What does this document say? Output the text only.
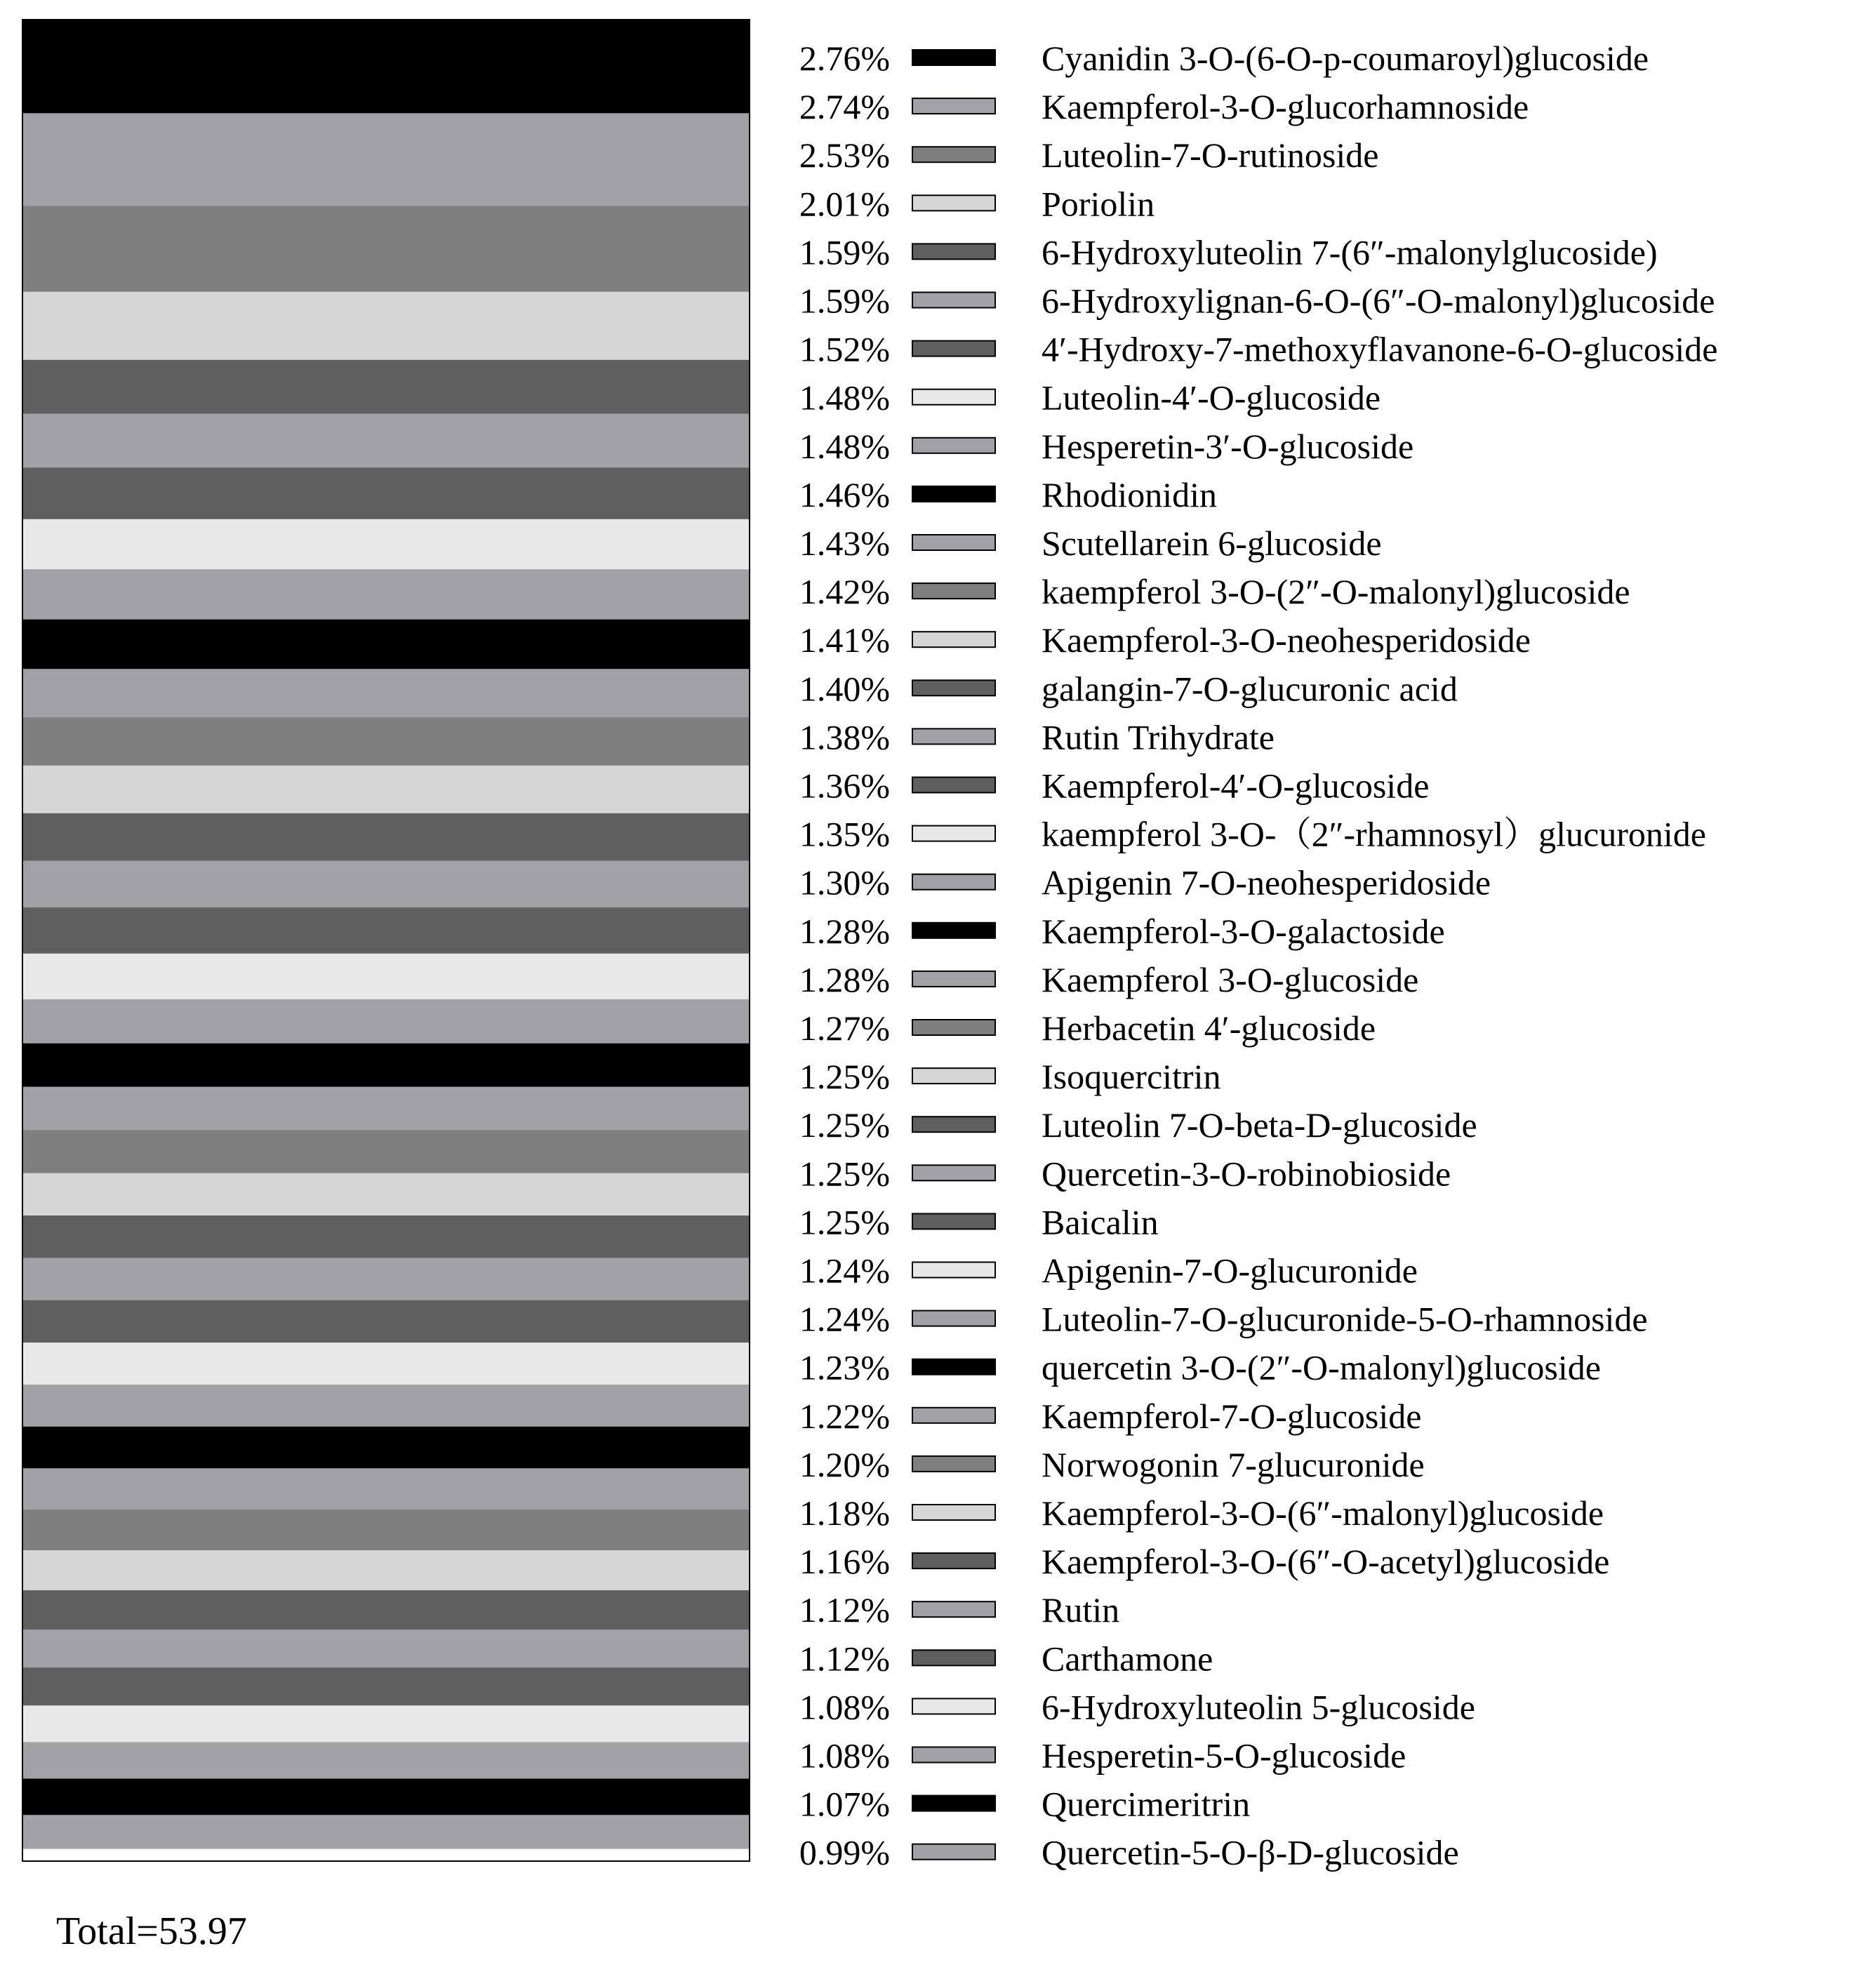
2.76%	Cyanidin 3-O-(6-O-p-coumaroyl)glucoside
2.74%	Kaempferol-3-O-glucorhamnoside
2.53%	Luteolin-7-O-rutinoside
2.01%	Poriolin
1.59%	6-Hydroxyluteolin 7-(6″-malonylglucoside)
1.59%	6-Hydroxylignan-6-O-(6″-O-malonyl)glucoside
1.52%	4′-Hydroxy-7-methoxyflavanone-6-O-glucoside
1.48%	Luteolin-4′-O-glucoside
1.48%	Hesperetin-3′-O-glucoside
1.46%	Rhodionidin
1.43%	Scutellarein 6-glucoside
1.42%	kaempferol 3-O-(2″-O-malonyl)glucoside
1.41%	Kaempferol-3-O-neohesperidoside
1.40%	galangin-7-O-glucuronic acid
1.38%	Rutin Trihydrate
1.36%	Kaempferol-4′-O-glucoside
1.35%	kaempferol 3-O-（2″-rhamnosyl）glucuronide
1.30%	Apigenin 7-O-neohesperidoside
1.28%	Kaempferol-3-O-galactoside
1.28%	Kaempferol 3-O-glucoside
1.27%	Herbacetin 4′-glucoside
1.25%	Isoquercitrin
1.25%	Luteolin 7-O-beta-D-glucoside
1.25%	Quercetin-3-O-robinobioside
1.25%	Baicalin
1.24%	Apigenin-7-O-glucuronide
1.24%	Luteolin-7-O-glucuronide-5-O-rhamnoside
1.23%	quercetin 3-O-(2″-O-malonyl)glucoside
1.22%	Kaempferol-7-O-glucoside
1.20%	Norwogonin 7-glucuronide
1.18%	Kaempferol-3-O-(6″-malonyl)glucoside
1.16%	Kaempferol-3-O-(6″-O-acetyl)glucoside
1.12%	Rutin
1.12%	Carthamone
1.08%	6-Hydroxyluteolin 5-glucoside
1.08%	Hesperetin-5-O-glucoside
1.07%	Quercimeritrin
0.99%	Quercetin-5-O-β-D-glucoside
Total=53.97
